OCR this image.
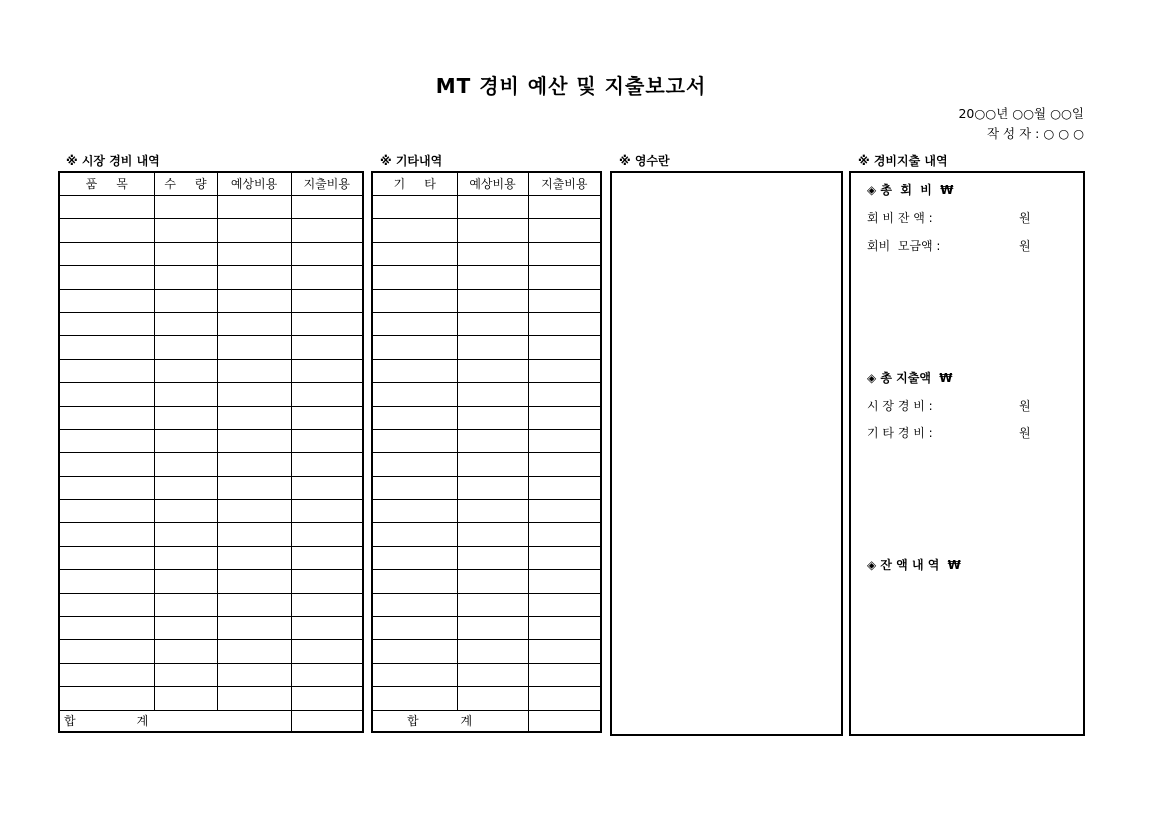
MT 경비 예산 및 지출보고서
20○○년 ○○월 ○○일
작 성 자 : ○ ○ ○
※ 시장 경비 내역
품     목	수     량	예상비용	지출비용

합                계			
※ 기타내역
기     타	예상비용	지출비용

합           계		
※ 영수란	※ 경비지출 내역
◈ 총  회  비  ₩
회 비 잔 액 :	원
회비  모금액 :	원
◈ 총 지출액  ₩
시 장 경 비 :	원
기 타 경 비 :	원
◈ 잔 액 내 역  ₩
